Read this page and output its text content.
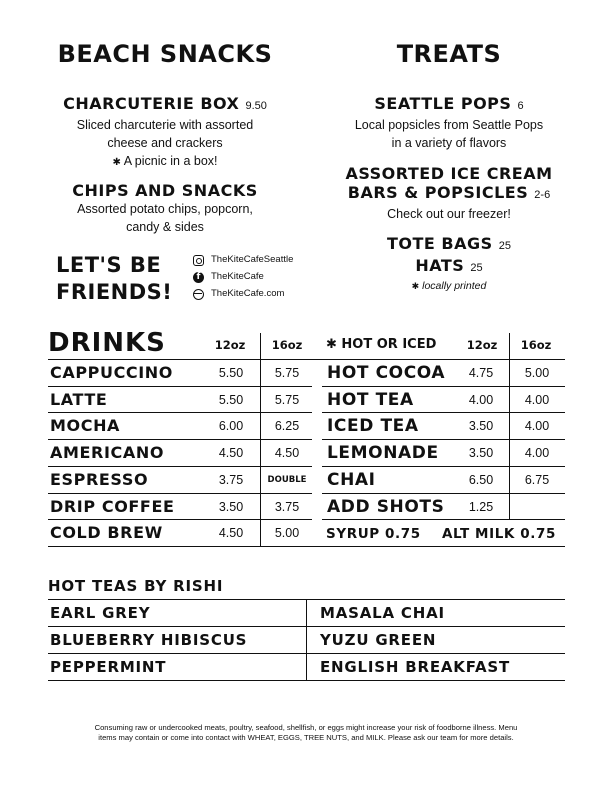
BEACH SNACKS	TREATS
CHARCUTERIE BOX 9.50
Sliced charcuterie with assorted
cheese and crackers
✱ A picnic in a box!
CHIPS AND SNACKS
Assorted potato chips, popcorn,
candy & sides
LET'S BE
FRIENDS!
TheKiteCafeSeattle
f
TheKiteCafe
TheKiteCafe.com
SEATTLE POPS 6
Local popsicles from Seattle Pops
in a variety of flavors
ASSORTED ICE CREAM
BARS & POPSICLES 2-6
Check out our freezer!
TOTE BAGS 25
HATS 25
✱ locally printed
DRINKS	12oz	16oz	✱ HOT OR ICED	12oz	16oz
CAPPUCCINO	5.50	5.75
LATTE	5.50	5.75
MOCHA	6.00	6.25
AMERICANO	4.50	4.50
ESPRESSO	3.75	DOUBLE
DRIP COFFEE	3.50	3.75
COLD BREW	4.50	5.00
HOT COCOA	4.75	5.00
HOT TEA	4.00	4.00
ICED TEA	3.50	4.00
LEMONADE	3.50	4.00
CHAI	6.50	6.75
ADD SHOTS	1.25
SYRUP 0.75	ALT MILK 0.75
HOT TEAS BY RISHI
EARL GREY	MASALA CHAI
BLUEBERRY HIBISCUS	YUZU GREEN
PEPPERMINT	ENGLISH BREAKFAST
Consuming raw or undercooked meats, poultry, seafood, shellfish, or eggs might increase your risk of foodborne illness. Menu
items may contain or come into contact with WHEAT, EGGS, TREE NUTS, and MILK. Please ask our team for more details.
